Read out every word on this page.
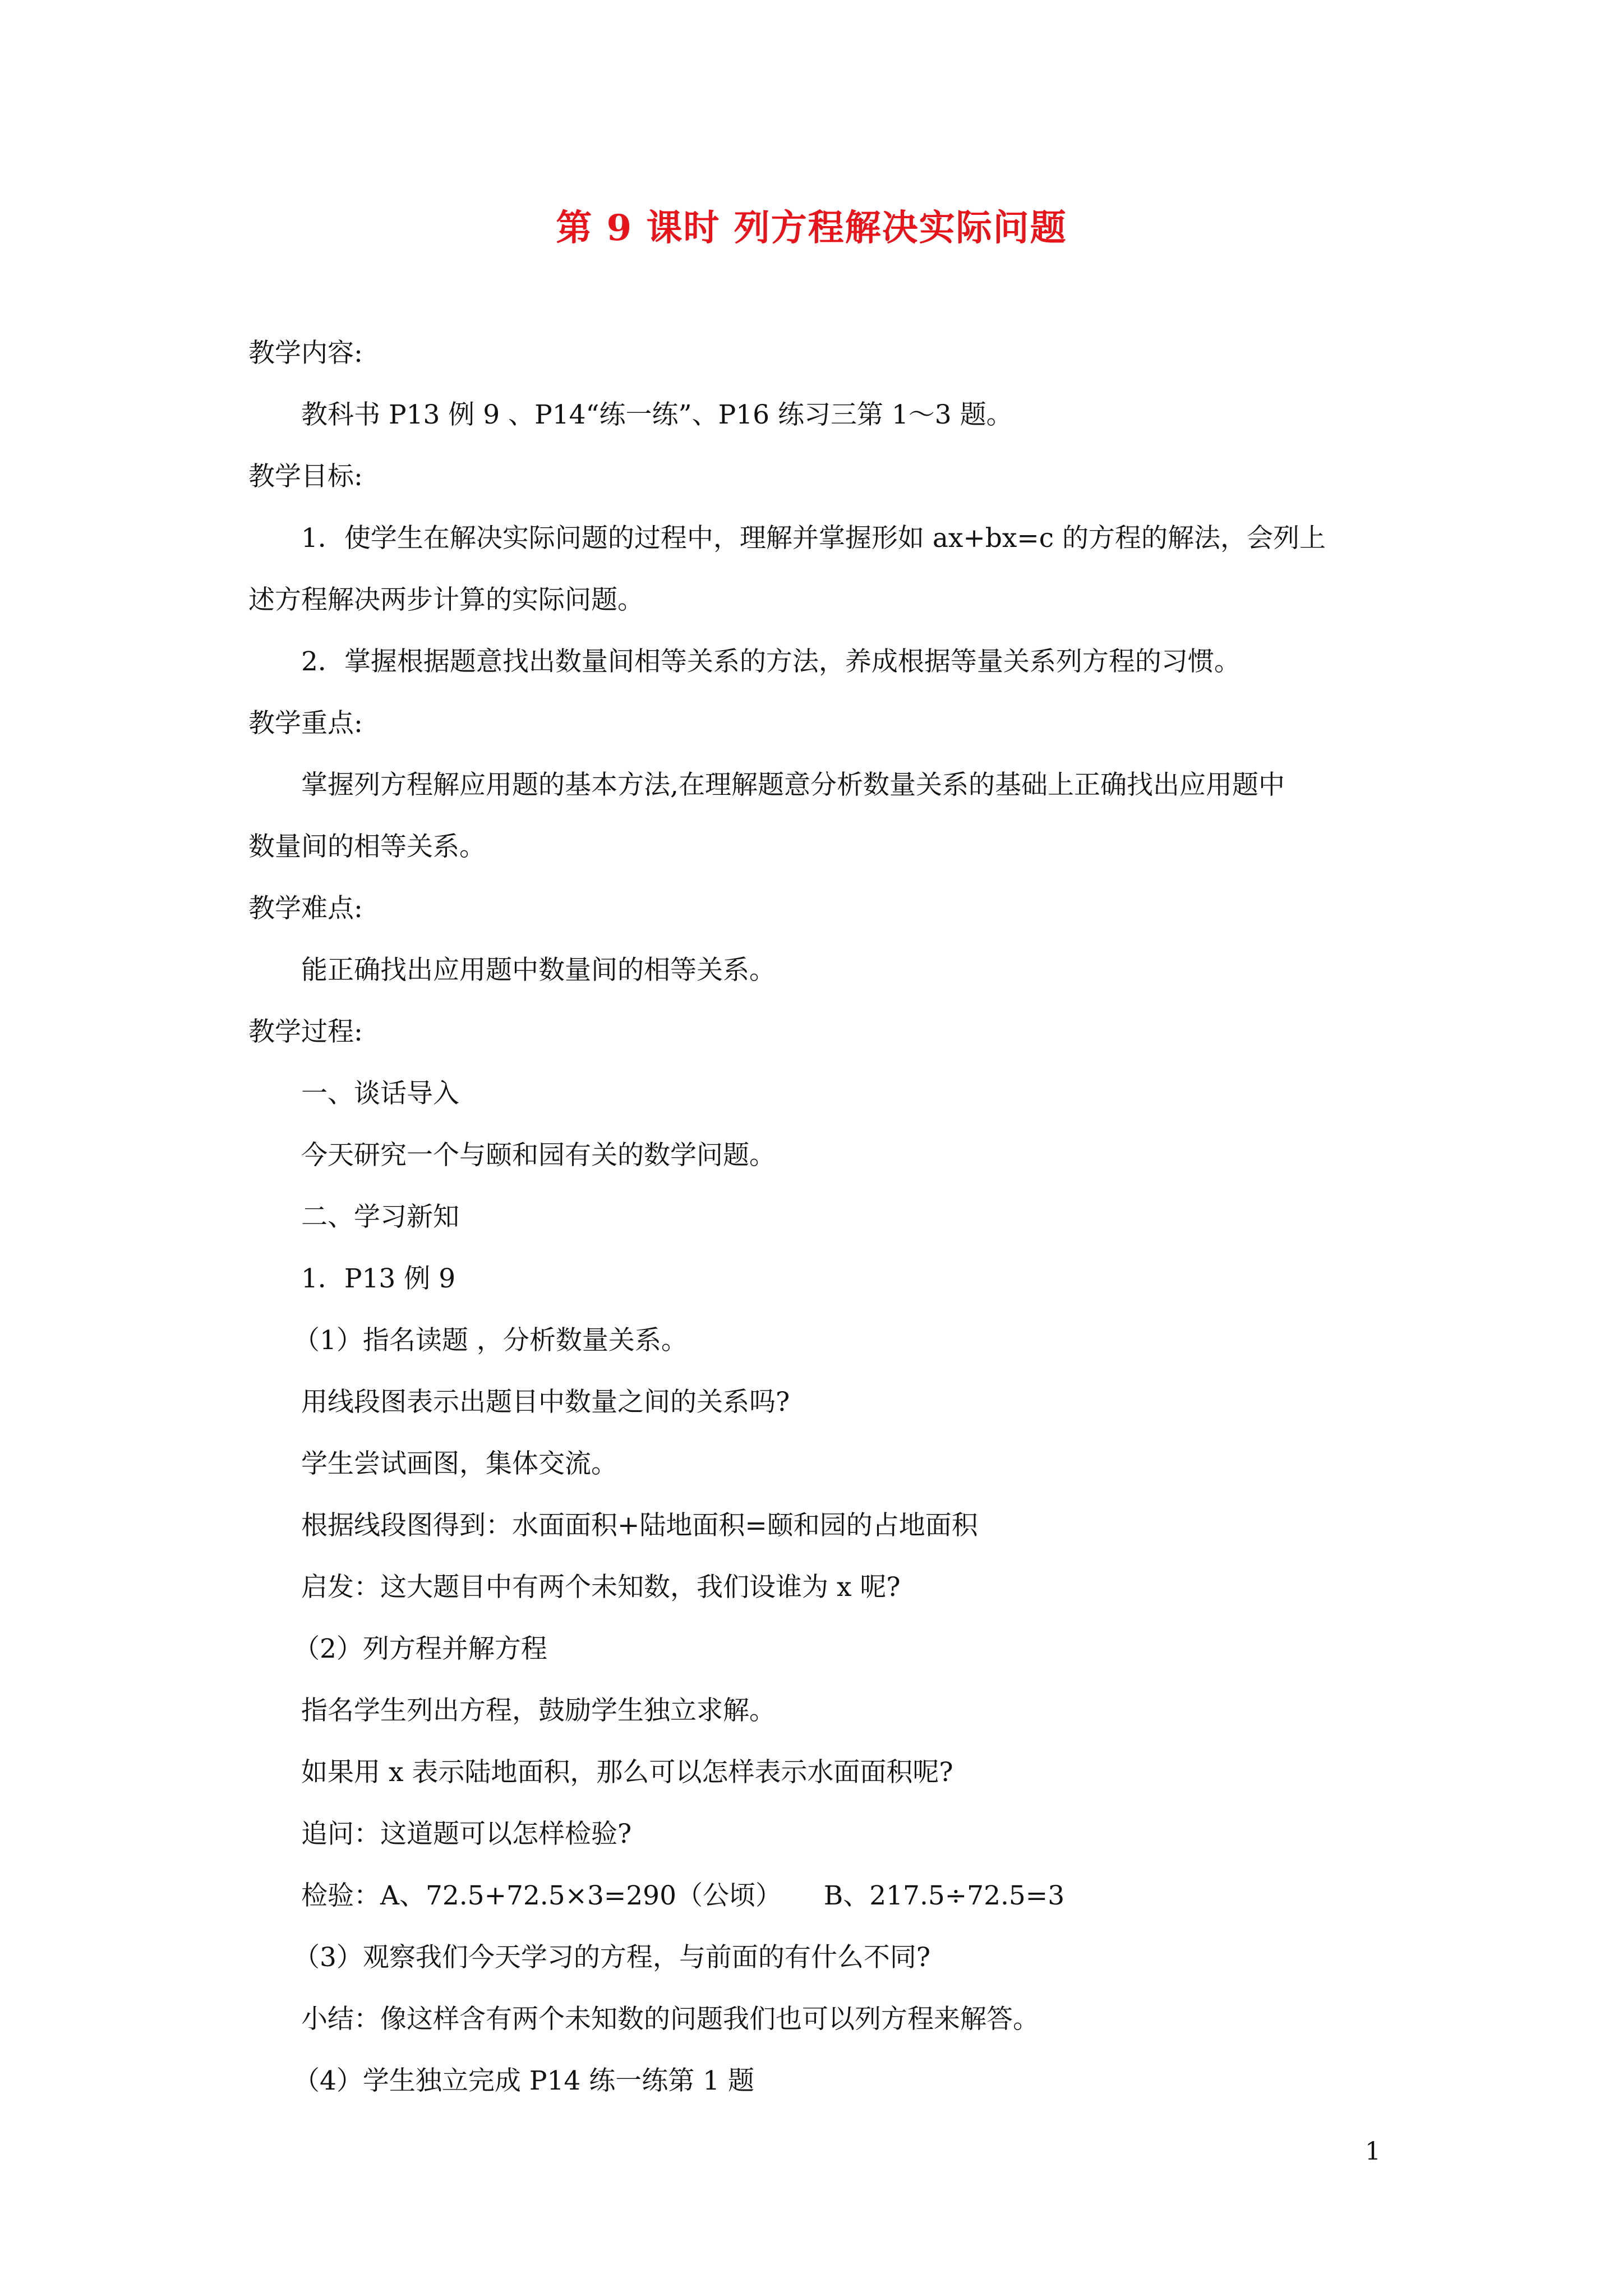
第 9 课时 列方程解决实际问题
教学内容:
教科书 P13 例 9 、P14“练一练”、P16 练习三第 1～3 题。
教学目标:
1．使学生在解决实际问题的过程中，理解并掌握形如 ax+bx=c 的方程的解法，会列上
述方程解决两步计算的实际问题。
2．掌握根据题意找出数量间相等关系的方法，养成根据等量关系列方程的习惯。
教学重点:
掌握列方程解应用题的基本方法,在理解题意分析数量关系的基础上正确找出应用题中
数量间的相等关系。
教学难点:
能正确找出应用题中数量间的相等关系。
教学过程:
一、谈话导入
今天研究一个与颐和园有关的数学问题。
二、学习新知
1．P13 例 9
（1）指名读题 ，分析数量关系。
用线段图表示出题目中数量之间的关系吗?
学生尝试画图，集体交流。
根据线段图得到：水面面积+陆地面积=颐和园的占地面积
启发：这大题目中有两个未知数，我们设谁为 x 呢?
（2）列方程并解方程
指名学生列出方程，鼓励学生独立求解。
如果用 x 表示陆地面积，那么可以怎样表示水面面积呢?
追问：这道题可以怎样检验?
检验：A、72.5+72.5×3=290（公顷）     B、217.5÷72.5=3
（3）观察我们今天学习的方程，与前面的有什么不同?
小结：像这样含有两个未知数的问题我们也可以列方程来解答。
（4）学生独立完成 P14 练一练第 1 题
1
